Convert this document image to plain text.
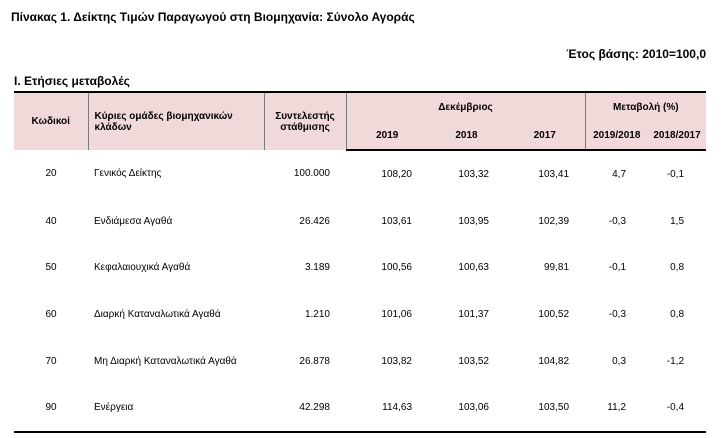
Πίνακας 1. Δείκτης Τιμών Παραγωγού στη Βιομηχανία: Σύνολο Αγοράς
Έτος βάσης: 2010=100,0
Ι. Ετήσιες μεταβολές
Κωδικοί	Κύριες ομάδες βιομηχανικών κλάδων	Συντελεστής στάθμισης	Δεκέμβριος			Μεταβολή (%)	
			2019	2018	2017	2019/2018	2018/2017
20	Γενικός Δείκτης	100.000	108,20	103,32	103,41	4,7	-0,1
40	Ενδιάμεσα Αγαθά	26.426	103,61	103,95	102,39	-0,3	1,5
50	Κεφαλαιουχικά Αγαθά	3.189	100,56	100,63	99,81	-0,1	0,8
60	Διαρκή Καταναλωτικά Αγαθά	1.210	101,06	101,37	100,52	-0,3	0,8
70	Μη Διαρκή Καταναλωτικά Αγαθά	26.878	103,82	103,52	104,82	0,3	-1,2
90	Ενέργεια	42.298	114,63	103,06	103,50	11,2	-0,4
